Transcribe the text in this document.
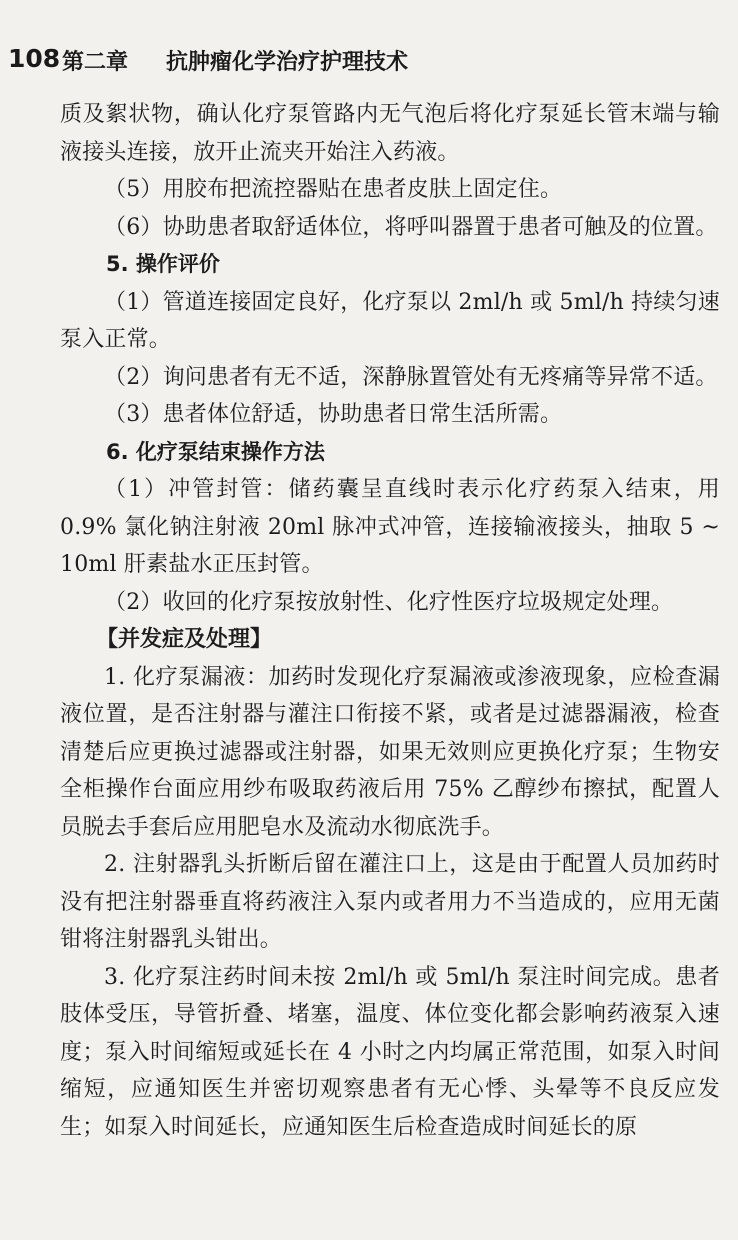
108 第二章 抗肿瘤化学治疗护理技术

质及絮状物，确认化疗泵管路内无气泡后将化疗泵延长管末端与输液接头连接，放开止流夹开始注入药液。

（5）用胶布把流控器贴在患者皮肤上固定住。

（6）协助患者取舒适体位，将呼叫器置于患者可触及的位置。

5. 操作评价

（1）管道连接固定良好，化疗泵以 2ml/h 或 5ml/h 持续匀速泵入正常。

（2）询问患者有无不适，深静脉置管处有无疼痛等异常不适。

（3）患者体位舒适，协助患者日常生活所需。

6. 化疗泵结束操作方法

（1）冲管封管：储药囊呈直线时表示化疗药泵入结束，用 0.9% 氯化钠注射液 20ml 脉冲式冲管，连接输液接头，抽取 5 ~ 10ml 肝素盐水正压封管。

（2）收回的化疗泵按放射性、化疗性医疗垃圾规定处理。

【并发症及处理】

1. 化疗泵漏液：加药时发现化疗泵漏液或渗液现象，应检查漏液位置，是否注射器与灌注口衔接不紧，或者是过滤器漏液，检查清楚后应更换过滤器或注射器，如果无效则应更换化疗泵；生物安全柜操作台面应用纱布吸取药液后用 75% 乙醇纱布擦拭，配置人员脱去手套后应用肥皂水及流动水彻底洗手。

2. 注射器乳头折断后留在灌注口上，这是由于配置人员加药时没有把注射器垂直将药液注入泵内或者用力不当造成的，应用无菌钳将注射器乳头钳出。

3. 化疗泵注药时间未按 2ml/h 或 5ml/h 泵注时间完成。患者肢体受压，导管折叠、堵塞，温度、体位变化都会影响药液泵入速度；泵入时间缩短或延长在 4 小时之内均属正常范围，如泵入时间缩短，应通知医生并密切观察患者有无心悸、头晕等不良反应发生；如泵入时间延长，应通知医生后检查造成时间延长的原
